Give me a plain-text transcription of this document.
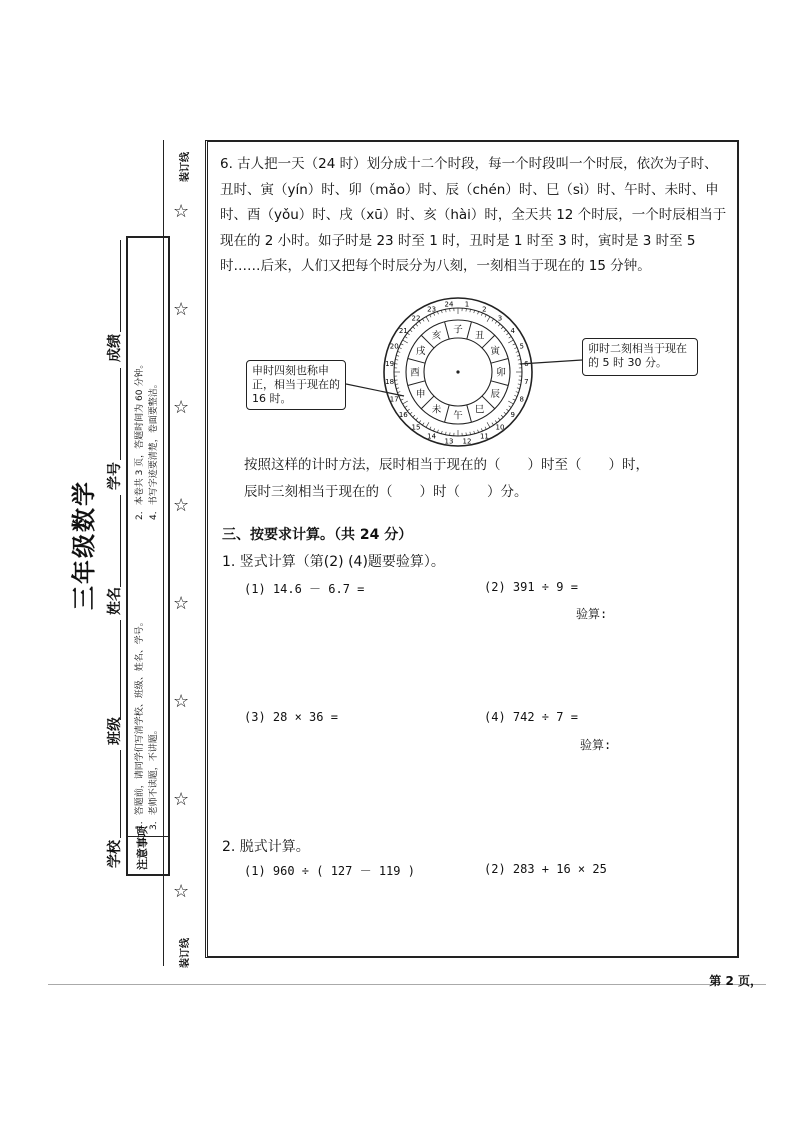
装订线
装订线
☆
☆
☆
☆
☆
☆
☆
☆
三年级数学
学校
班级
姓名
学号
成绩
注意事项
1．答题前，请同学们写清学校、班级、姓名、学号。 3．老师不读题，不讲题。
2．本卷共 3 页，答题时间为 60 分钟。 4．书写字迹要清楚，卷面要整洁。
6. 古人把一天（24 时）划分成十二个时段，每一个时段叫一个时辰，依次为子时、丑时、寅（yín）时、卯（mǎo）时、辰（chén）时、巳（sì）时、午时、未时、申时、酉（yǒu）时、戌（xū）时、亥（hài）时，全天共 12 个时辰，一个时辰相当于现在的 2 小时。如子时是 23 时至 1 时，丑时是 1 时至 3 时，寅时是 3 时至 5 时……后来，人们又把每个时辰分为八刻，一刻相当于现在的 15 分钟。
子
丑
寅
卯
辰
巳
午
未
申
酉
戌
亥
24 1
2
3
4
5
7
8
9
10
11
12
13
14
15
16
17
18
19
20
21
22
23
申时四刻也称申正，相当于现在的 16 时。
卯时二刻相当于现在的 5 时 30 分。
按照这样的计时方法，辰时相当于现在的（　　）时至（　　）时，
辰时三刻相当于现在的（　　）时（　　）分。
三、按要求计算。（共 24 分）
1. 竖式计算（第(2) (4)题要验算）。
(1) 14.6 － 6.7 =	(2) 391 ÷ 9 =
验算:
(3) 28 × 36 =	(4) 742 ÷ 7 =
验算:
2. 脱式计算。
(1) 960 ÷ ( 127 － 119 )	(2) 283 + 16 × 25
第 2 页，
